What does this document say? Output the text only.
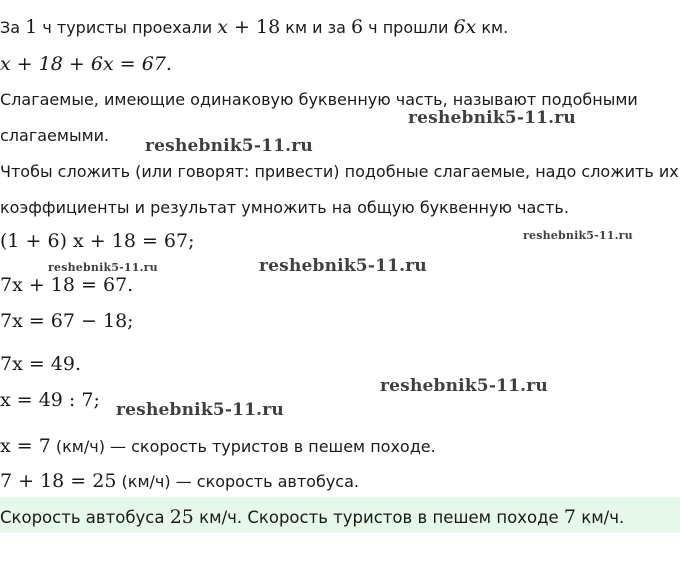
За 1 ч туристы проехали x + 18 км и за 6 ч прошли 6x км.
x + 18 + 6x = 67.
Слагаемые, имеющие одинаковую буквенную часть, называют подобными
слагаемыми.
Чтобы сложить (или говорят: привести) подобные слагаемые, надо сложить их
коэффициенты и результат умножить на общую буквенную часть.
(1 + 6) x + 18 = 67;
7x + 18 = 67.
7x = 67 − 18;
7x = 49.
x = 49 : 7;
x = 7 (км/ч) — скорость туристов в пешем походе.
7 + 18 = 25 (км/ч) — скорость автобуса.
Скорость автобуса 25 км/ч. Скорость туристов в пешем походе 7 км/ч.
reshebnik5-11.ru
reshebnik5-11.ru
reshebnik5-11.ru
reshebnik5-11.ru	reshebnik5-11.ru
reshebnik5-11.ru
reshebnik5-11.ru
